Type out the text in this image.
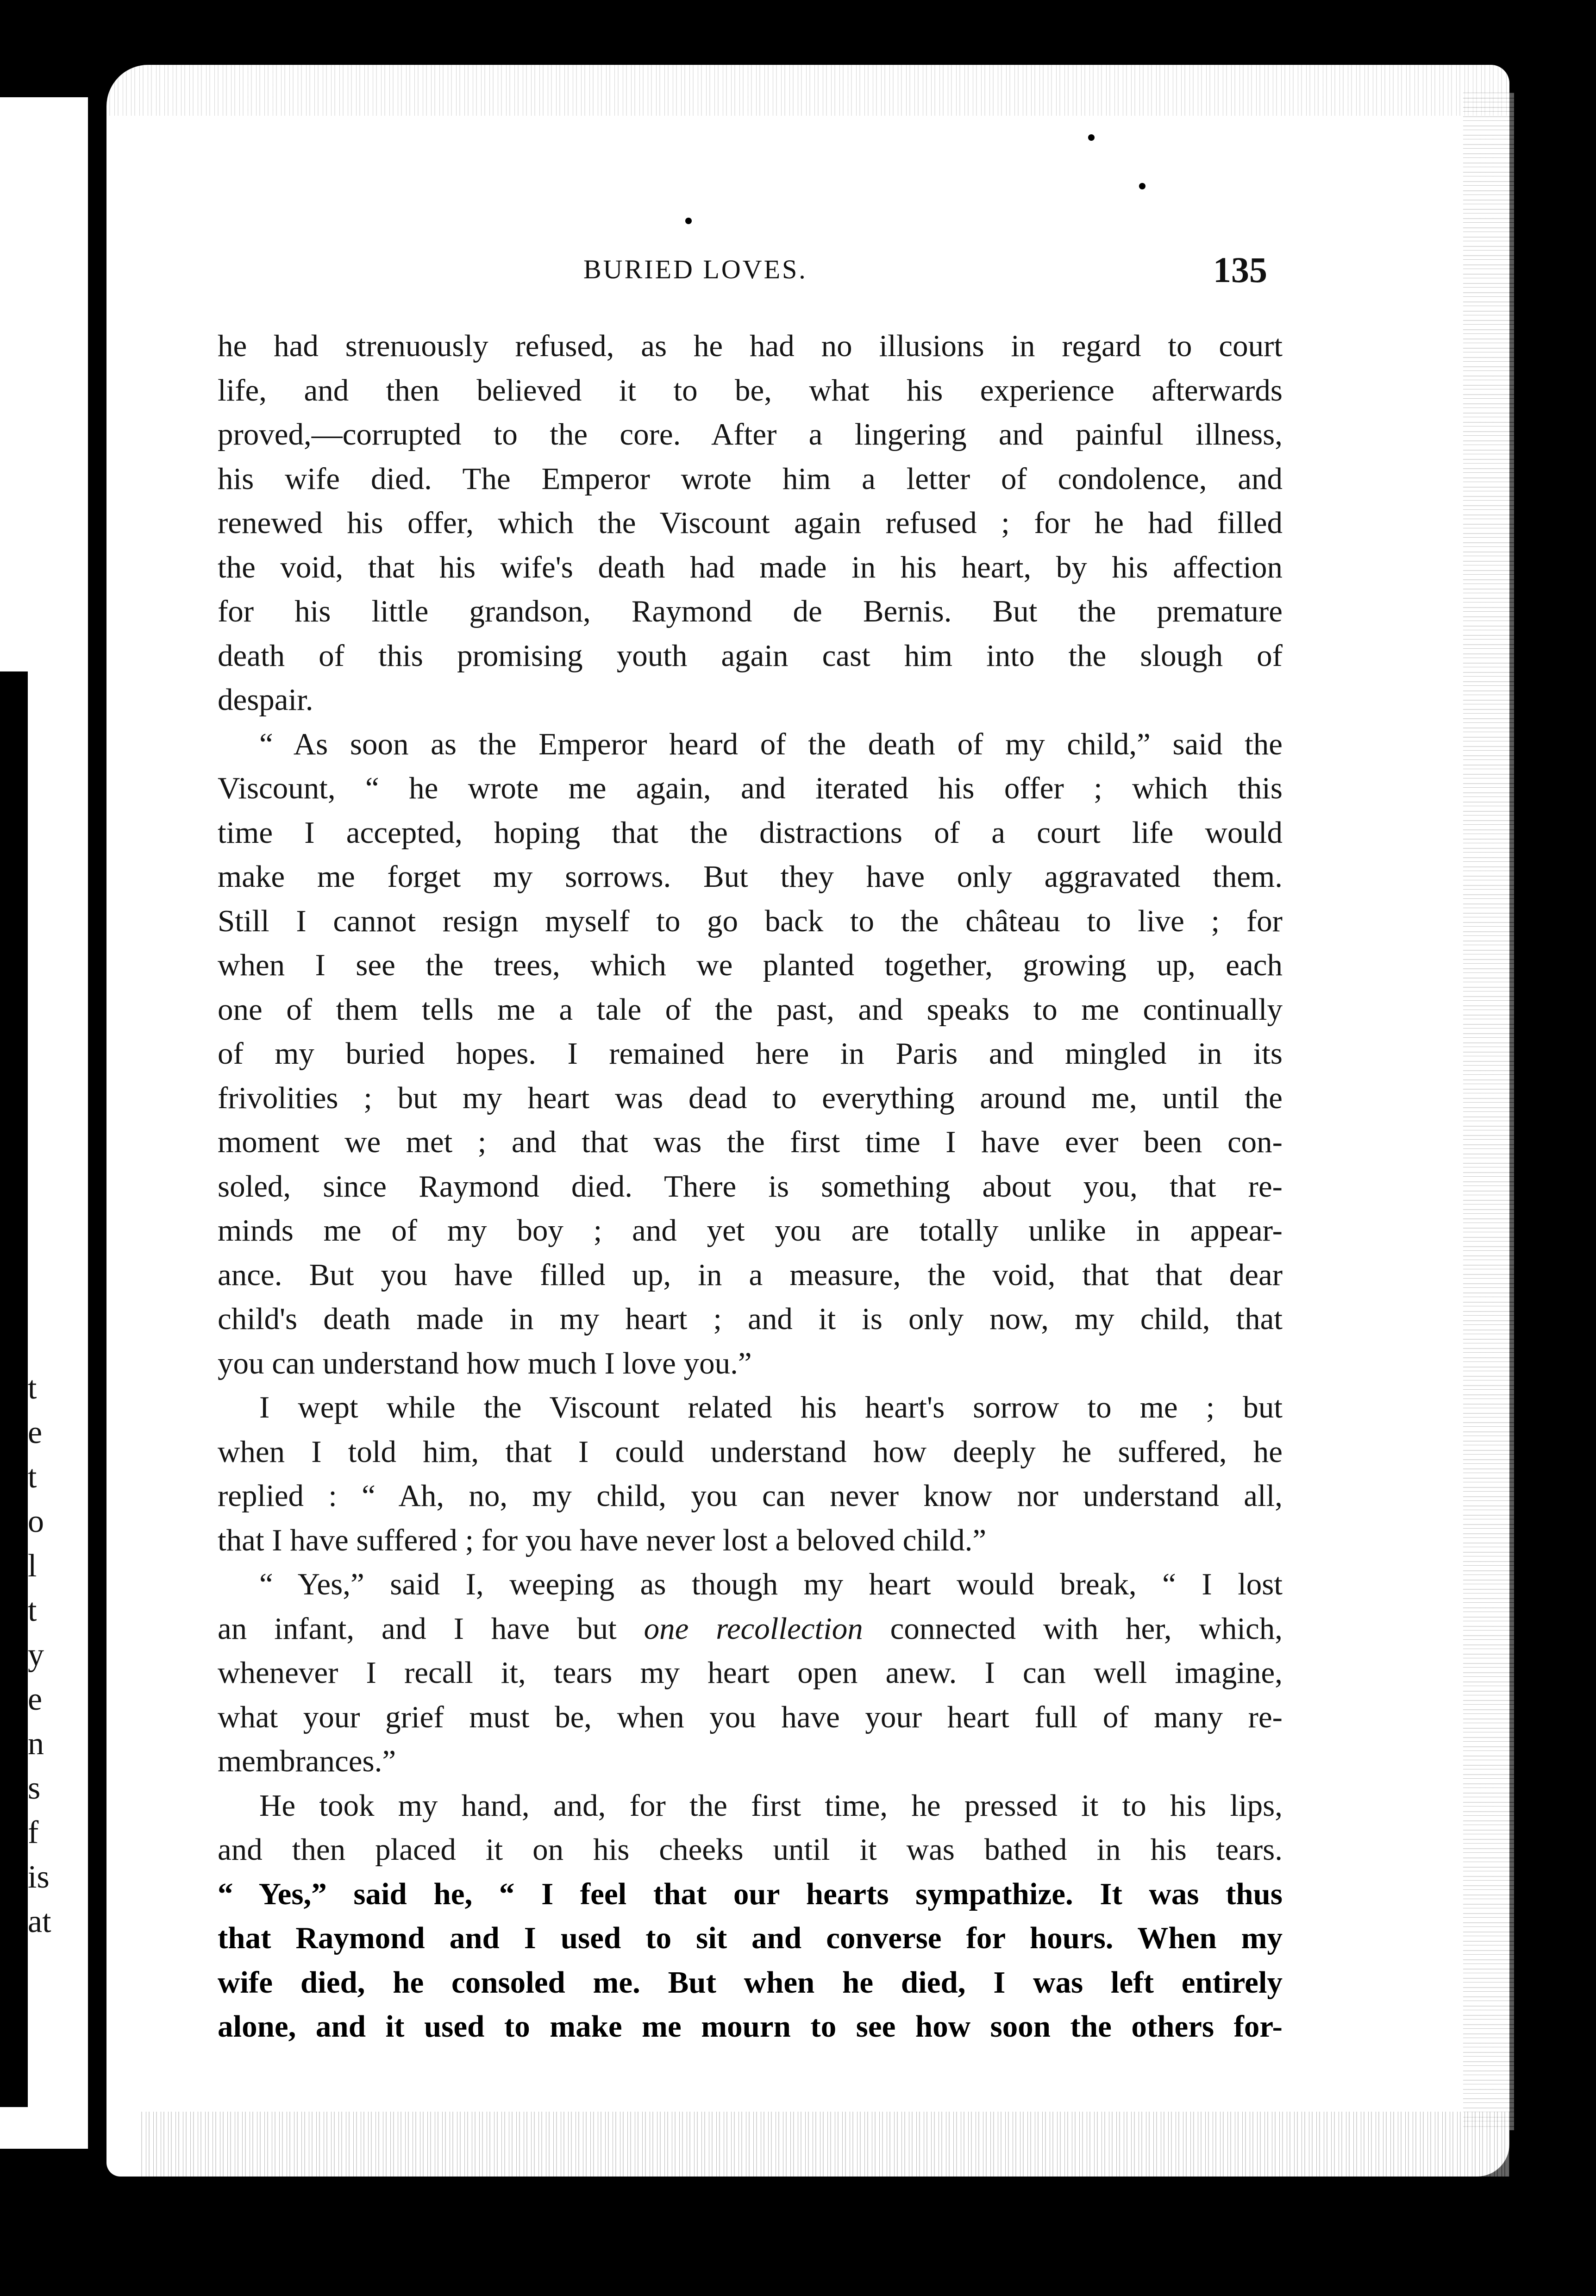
t
e
t
o
l
t
y
e
n
s
f
is
at
BURIED LOVES.	135
he had strenuously refused, as he had no illusions in regard to court
life, and then believed it to be, what his experience afterwards
proved,—corrupted to the core. After a lingering and painful illness,
his wife died. The Emperor wrote him a letter of condolence, and
renewed his offer, which the Viscount again refused ; for he had filled
the void, that his wife's death had made in his heart, by his affection
for his little grandson, Raymond de Bernis. But the premature
death of this promising youth again cast him into the slough of
despair.
“ As soon as the Emperor heard of the death of my child,” said the
Viscount, “ he wrote me again, and iterated his offer ; which this
time I accepted, hoping that the distractions of a court life would
make me forget my sorrows. But they have only aggravated them.
Still I cannot resign myself to go back to the château to live ; for
when I see the trees, which we planted together, growing up, each
one of them tells me a tale of the past, and speaks to me continually
of my buried hopes. I remained here in Paris and mingled in its
frivolities ; but my heart was dead to everything around me, until the
moment we met ; and that was the first time I have ever been con-
soled, since Raymond died. There is something about you, that re-
minds me of my boy ; and yet you are totally unlike in appear-
ance. But you have filled up, in a measure, the void, that that dear
child's death made in my heart ; and it is only now, my child, that
you can understand how much I love you.”
I wept while the Viscount related his heart's sorrow to me ; but
when I told him, that I could understand how deeply he suffered, he
replied : “ Ah, no, my child, you can never know nor understand all,
that I have suffered ; for you have never lost a beloved child.”
“ Yes,” said I, weeping as though my heart would break, “ I lost
an infant, and I have but one recollection connected with her, which,
whenever I recall it, tears my heart open anew. I can well imagine,
what your grief must be, when you have your heart full of many re-
membrances.”
He took my hand, and, for the first time, he pressed it to his lips,
and then placed it on his cheeks until it was bathed in his tears.
“ Yes,” said he, “ I feel that our hearts sympathize. It was thus
that Raymond and I used to sit and converse for hours. When my
wife died, he consoled me. But when he died, I was left entirely
alone, and it used to make me mourn to see how soon the others for-
